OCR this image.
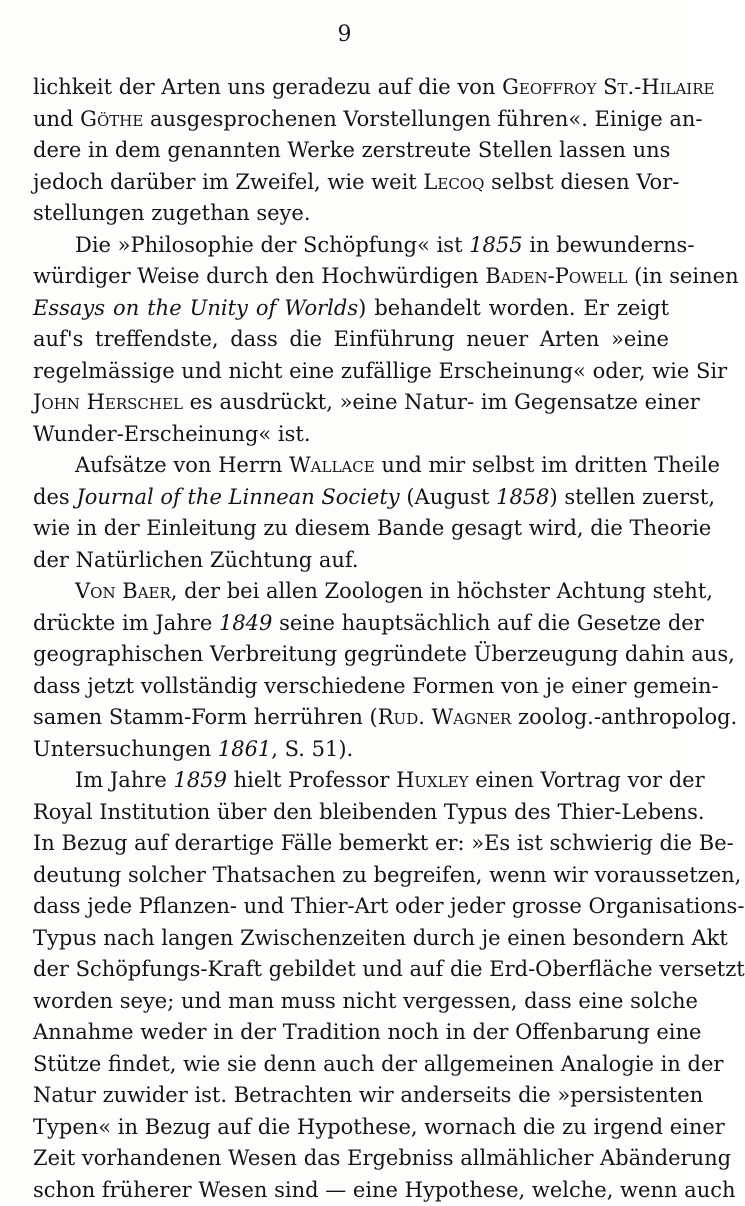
9
lichkeit der Arten uns geradezu auf die von Geoffroy St.-Hilaire
und Göthe ausgesprochenen Vorstellungen führen«. Einige an-
dere in dem genannten Werke zerstreute Stellen lassen uns
jedoch darüber im Zweifel, wie weit Lecoq selbst diesen Vor-
stellungen zugethan seye.
Die »Philosophie der Schöpfung« ist 1855 in bewunderns-
würdiger Weise durch den Hochwürdigen Baden-Powell (in seinen
Essays on the Unity of Worlds) behandelt worden. Er zeigt
auf's treffendste, dass die Einführung neuer Arten »eine
regelmässige und nicht eine zufällige Erscheinung« oder, wie Sir
John Herschel es ausdrückt, »eine Natur- im Gegensatze einer
Wunder-Erscheinung« ist.
Aufsätze von Herrn Wallace und mir selbst im dritten Theile
des Journal of the Linnean Society (August 1858) stellen zuerst,
wie in der Einleitung zu diesem Bande gesagt wird, die Theorie
der Natürlichen Züchtung auf.
Von Baer, der bei allen Zoologen in höchster Achtung steht,
drückte im Jahre 1849 seine hauptsächlich auf die Gesetze der
geographischen Verbreitung gegründete Überzeugung dahin aus,
dass jetzt vollständig verschiedene Formen von je einer gemein-
samen Stamm-Form herrühren (Rud. Wagner zoolog.-anthropolog.
Untersuchungen 1861, S. 51).
Im Jahre 1859 hielt Professor Huxley einen Vortrag vor der
Royal Institution über den bleibenden Typus des Thier-Lebens.
In Bezug auf derartige Fälle bemerkt er: »Es ist schwierig die Be-
deutung solcher Thatsachen zu begreifen, wenn wir voraussetzen,
dass jede Pflanzen- und Thier-Art oder jeder grosse Organisations-
Typus nach langen Zwischenzeiten durch je einen besondern Akt
der Schöpfungs-Kraft gebildet und auf die Erd-Oberfläche versetzt
worden seye; und man muss nicht vergessen, dass eine solche
Annahme weder in der Tradition noch in der Offenbarung eine
Stütze findet, wie sie denn auch der allgemeinen Analogie in der
Natur zuwider ist. Betrachten wir anderseits die »persistenten
Typen« in Bezug auf die Hypothese, wornach die zu irgend einer
Zeit vorhandenen Wesen das Ergebniss allmählicher Abänderung
schon früherer Wesen sind — eine Hypothese, welche, wenn auch
